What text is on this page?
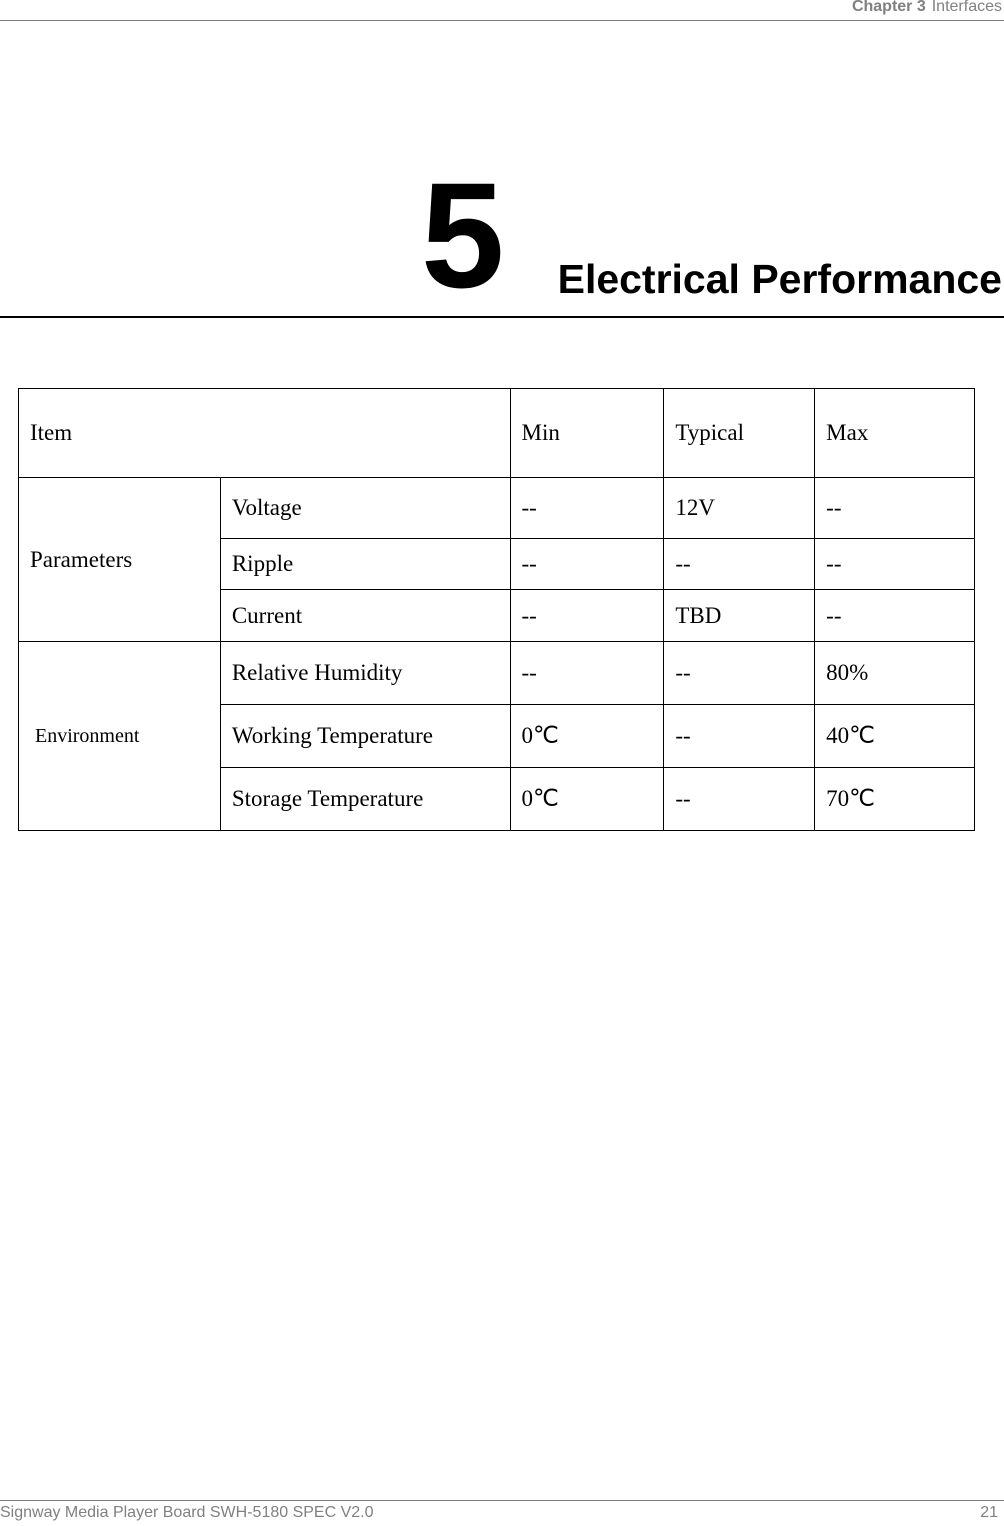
Chapter 3 Interfaces
5 Electrical Performance
Item		Min	Typical	Max
Parameters	Voltage	--	12V	--
	Ripple	--	--	--
	Current	--	TBD	--
Environment	Relative Humidity	--	--	80%
	Working Temperature	0℃	--	40℃
	Storage Temperature	0℃	--	70℃
Signway Media Player Board SWH-5180 SPEC V2.0	21
